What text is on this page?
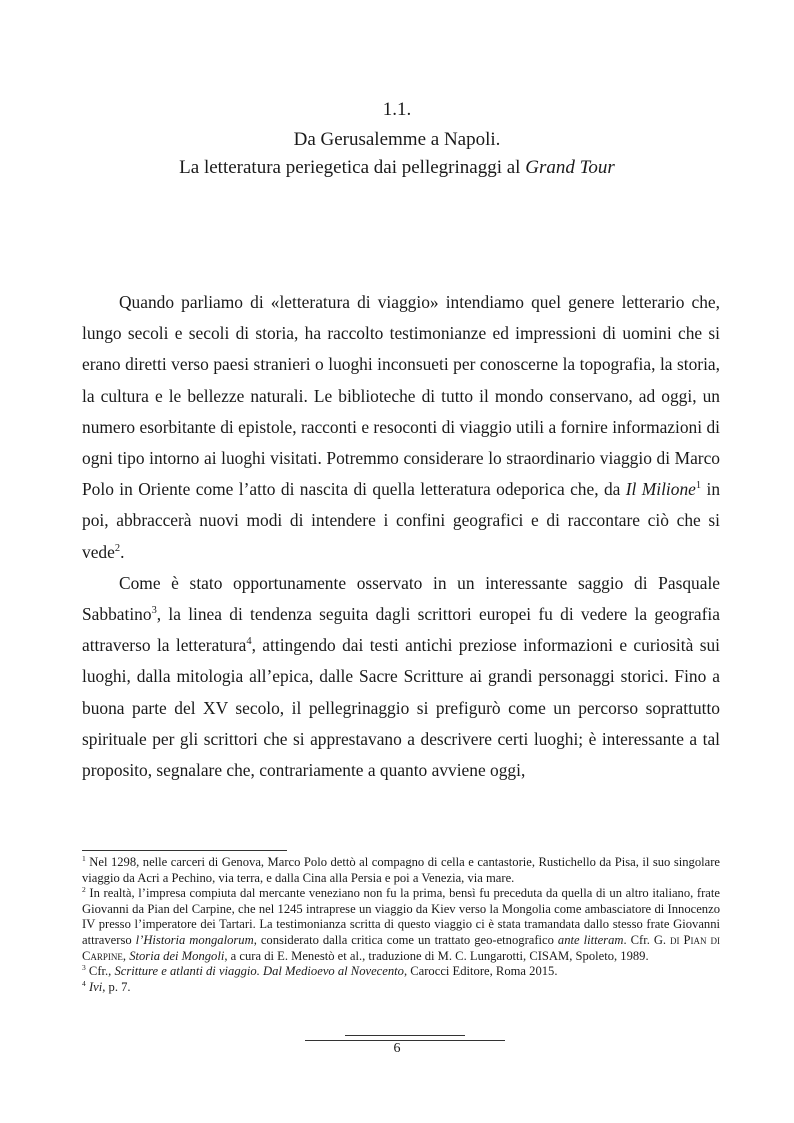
1.1.
Da Gerusalemme a Napoli.
La letteratura periegetica dai pellegrinaggi al Grand Tour

Quando parliamo di «letteratura di viaggio» intendiamo quel genere letterario che, lungo secoli e secoli di storia, ha raccolto testimonianze ed impressioni di uomini che si erano diretti verso paesi stranieri o luoghi inconsueti per conoscerne la topografia, la storia, la cultura e le bellezze naturali. Le biblioteche di tutto il mondo conservano, ad oggi, un numero esorbitante di epistole, racconti e resoconti di viaggio utili a fornire informazioni di ogni tipo intorno ai luoghi visitati. Potremmo considerare lo straordinario viaggio di Marco Polo in Oriente come l’atto di nascita di quella letteratura odeporica che, da Il Milione$^1$ in poi, abbraccerà nuovi modi di intendere i confini geografici e di raccontare ciò che si vede$^2$.

Come è stato opportunamente osservato in un interessante saggio di Pasquale Sabbatino$^3$, la linea di tendenza seguita dagli scrittori europei fu di vedere la geografia attraverso la letteratura$^4$, attingendo dai testi antichi preziose informazioni e curiosità sui luoghi, dalla mitologia all’epica, dalle Sacre Scritture ai grandi personaggi storici. Fino a buona parte del XV secolo, il pellegrinaggio si prefigurò come un percorso soprattutto spirituale per gli scrittori che si apprestavano a descrivere certi luoghi; è interessante a tal proposito, segnalare che, contrariamente a quanto avviene oggi,

$^1$ Nel 1298, nelle carceri di Genova, Marco Polo dettò al compagno di cella e cantastorie, Rustichello da Pisa, il suo singolare viaggio da Acri a Pechino, via terra, e dalla Cina alla Persia e poi a Venezia, via mare.

$^2$ In realtà, l’impresa compiuta dal mercante veneziano non fu la prima, bensì fu preceduta da quella di un altro italiano, frate Giovanni da Pian del Carpine, che nel 1245 intraprese un viaggio da Kiev verso la Mongolia come ambasciatore di Innocenzo IV presso l’imperatore dei Tartari. La testimonianza scritta di questo viaggio ci è stata tramandata dallo stesso frate Giovanni attraverso l’Historia mongalorum, considerato dalla critica come un trattato geo-etnografico ante litteram. Cfr. G. di Pian di Carpine, Storia dei Mongoli, a cura di E. Menestò et al., traduzione di M. C. Lungarotti, CISAM, Spoleto, 1989.

$^3$ Cfr., Scritture e atlanti di viaggio. Dal Medioevo al Novecento, Carocci Editore, Roma 2015.

$^4$ Ivi, p. 7.

6
